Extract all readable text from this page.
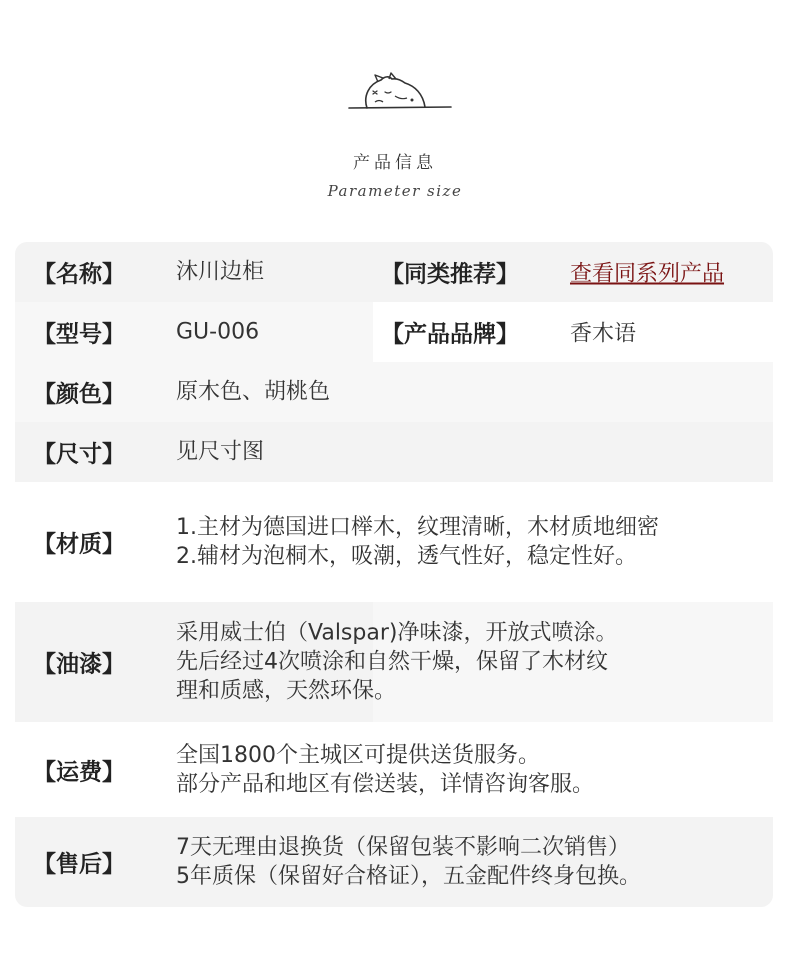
产品信息
Parameter size
【名称】 沐川边柜	【同类推荐】 查看同系列产品
【型号】 GU-006	【产品品牌】 香木语
【颜色】 原木色、胡桃色
【尺寸】 见尺寸图
【材质】
1.主材为德国进口榉木，纹理清晰，木材质地细密
2.辅材为泡桐木，吸潮，透气性好，稳定性好。
【油漆】
采用威士伯（Valspar)净味漆，开放式喷涂。
先后经过4次喷涂和自然干燥，保留了木材纹
理和质感，天然环保。
【运费】
全国1800个主城区可提供送货服务。
部分产品和地区有偿送装，详情咨询客服。
【售后】
7天无理由退换货（保留包装不影响二次销售）
5年质保（保留好合格证），五金配件终身包换。
